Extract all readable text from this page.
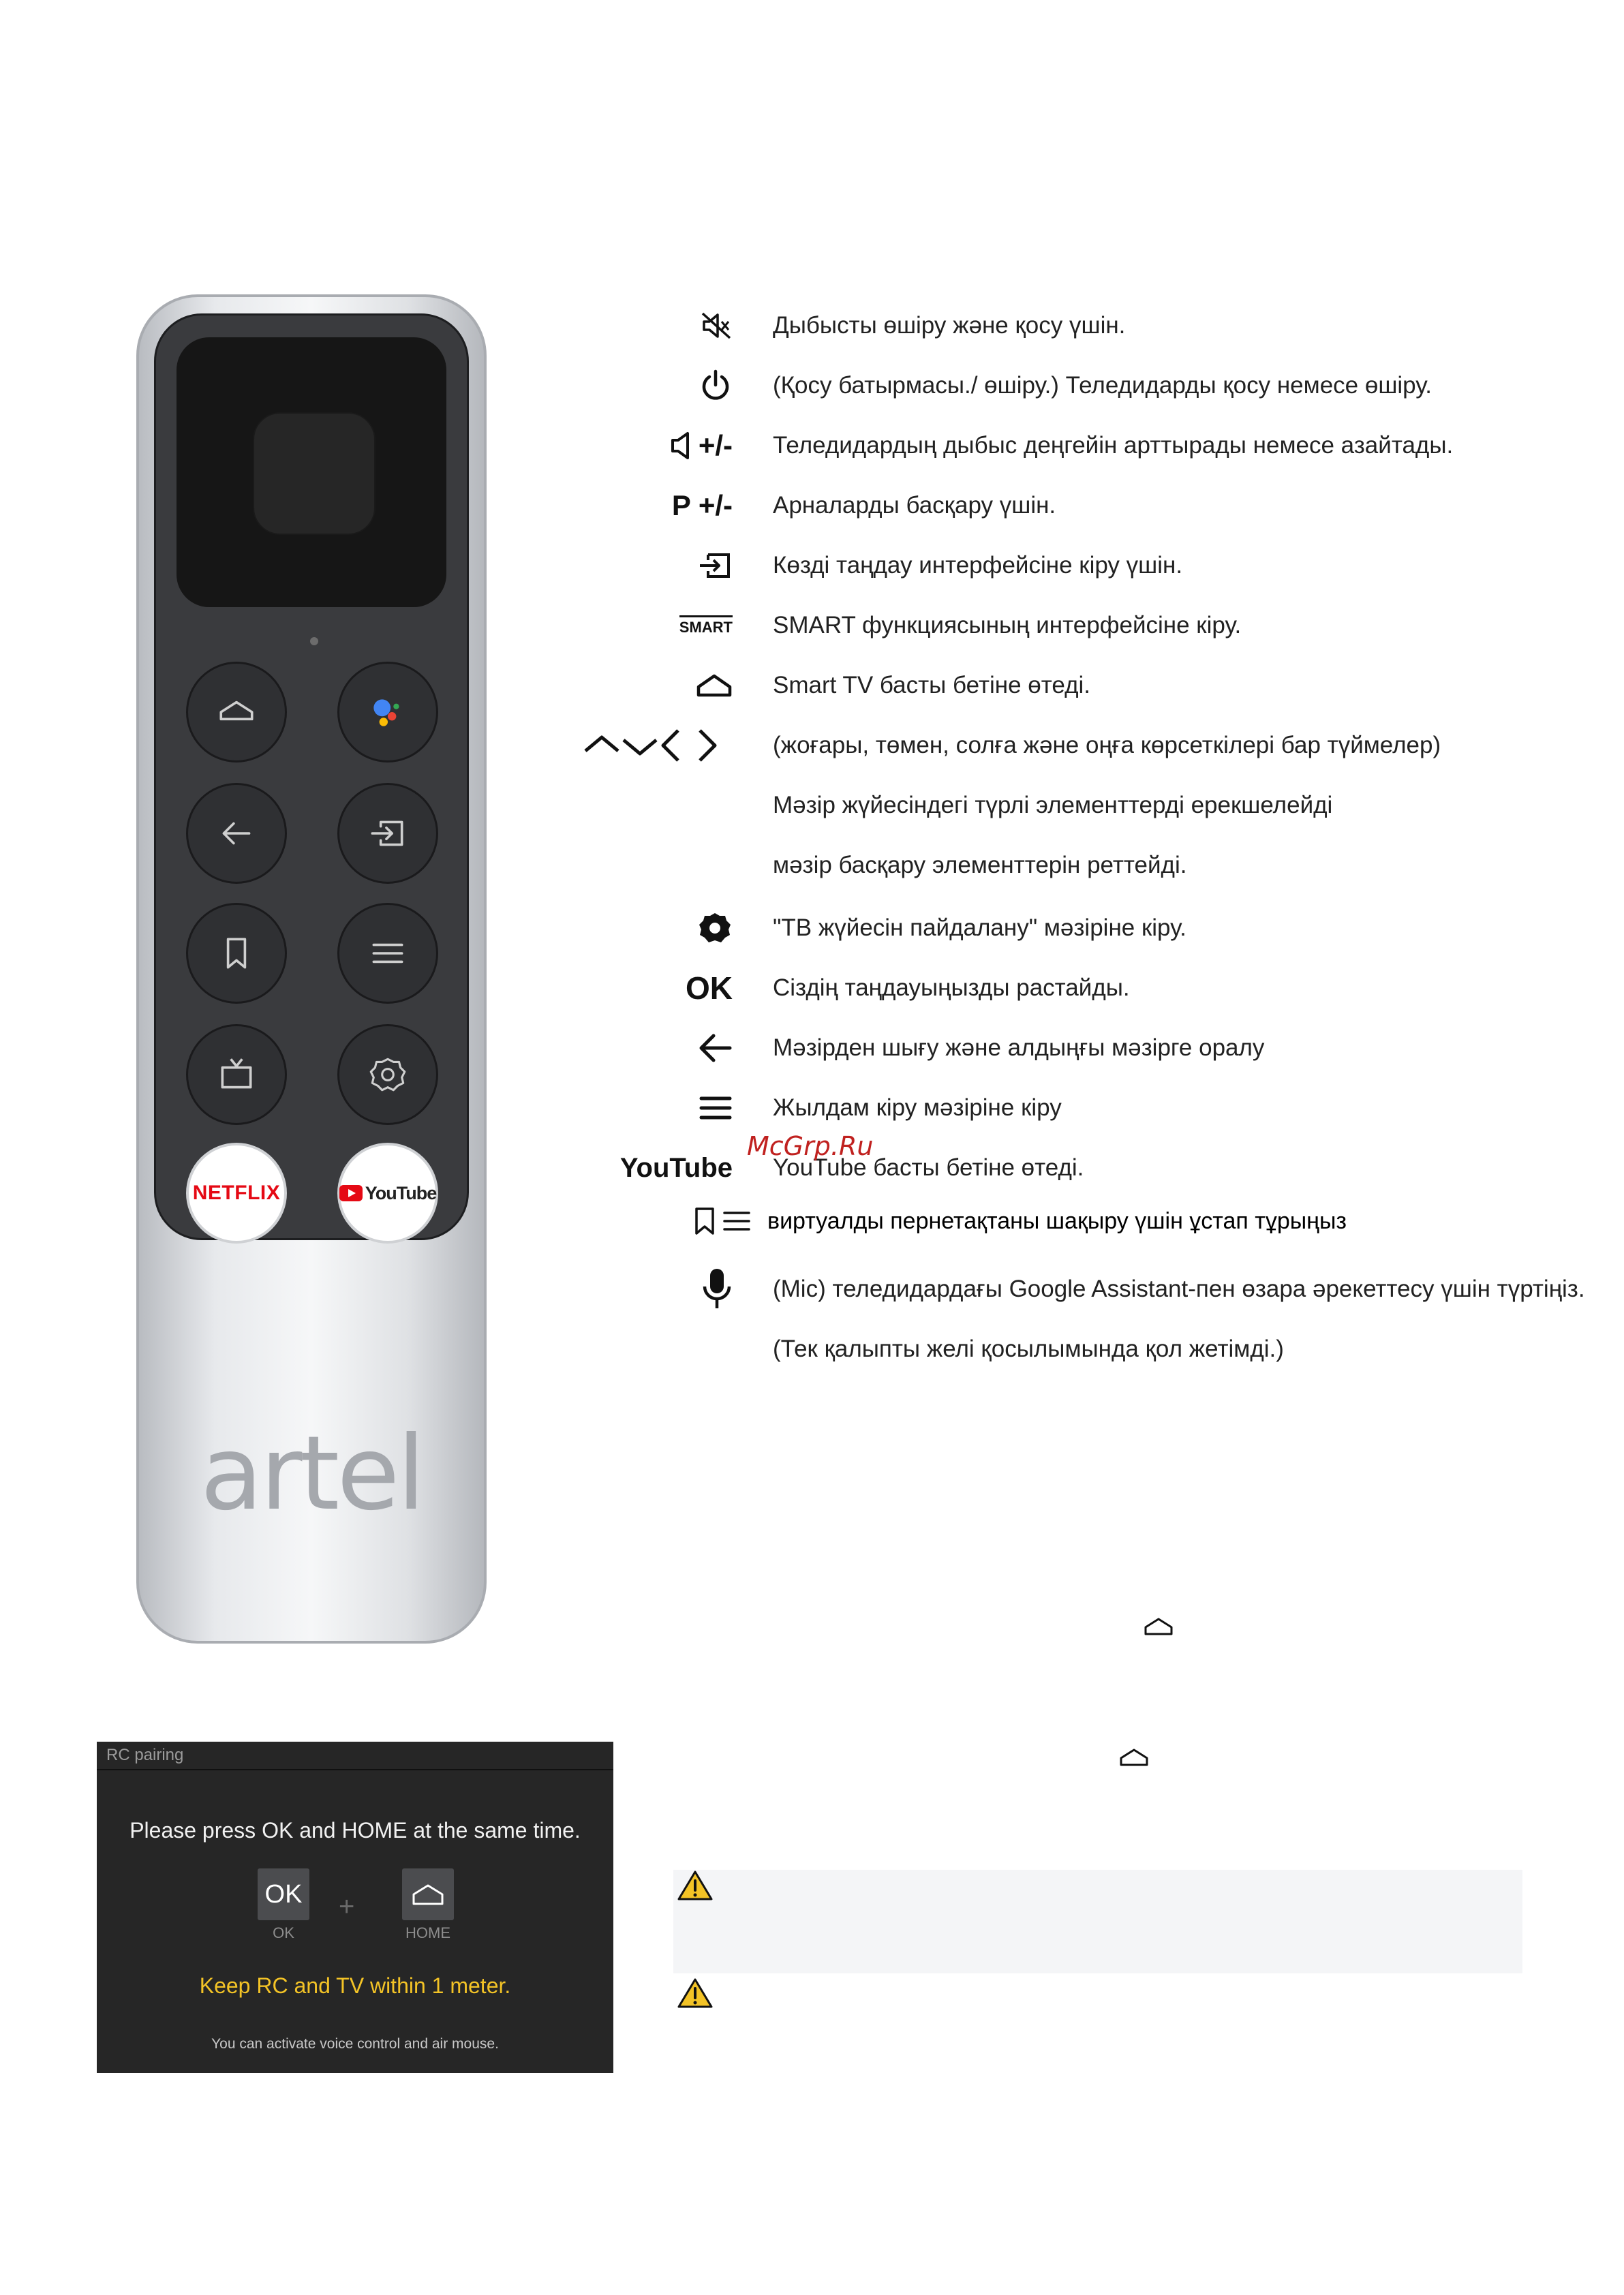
NETFLIX	YouTube
artel
Дыбысты өшіру және қосу үшін.
(Қосу батырмасы./ өшіру.) Теледидарды қосу немесе өшіру.
+/- Теледидардың дыбыс деңгейін арттырады немесе азайтады.
P +/- Арналарды басқару үшін.
Көзді таңдау интерфейсіне кіру үшін.
SMART SMART функциясының интерфейсіне кіру.
Smart TV басты бетіне өтеді.
(жоғары, төмен, солға және оңға көрсеткілері бар түймелер)
Мәзір жүйесіндегі түрлі элементтерді ерекшелейді
мәзір басқару элементтерін реттейді.
"ТВ жүйесін пайдалану" мәзіріне кіру.
OK Сіздің таңдауыңызды растайды.
Мәзірден шығу және алдыңғы мәзірге оралу
Жылдам кіру мәзіріне кіру
YouTube YouTube басты бетіне өтеді.
виртуалды пернетақтаны шақыру үшін ұстап тұрыңыз
(Mic) теледидардағы Google Assistant-пен өзара әрекеттесу үшін түртіңіз.
(Тек қалыпты желі қосылымында қол жетімді.)
McGrp.Ru
RC pairing
Please press OK and HOME at the same time.
OK +
OK	HOME
Keep RC and TV within 1 meter.
You can activate voice control and air mouse.
